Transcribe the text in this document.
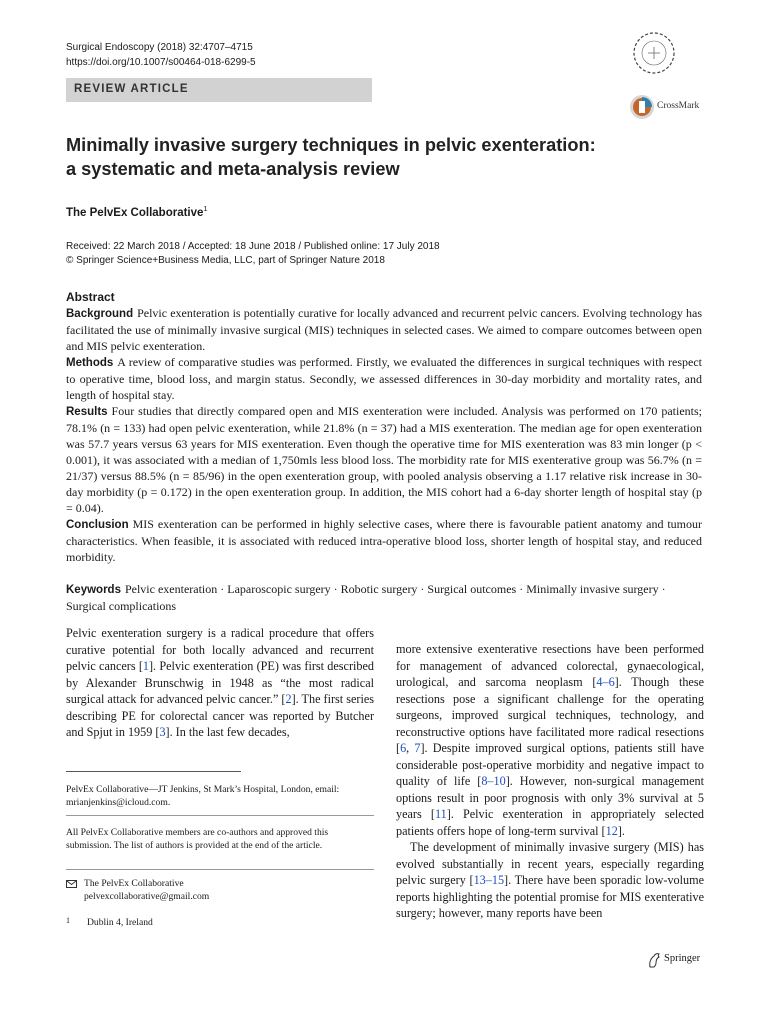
Surgical Endoscopy (2018) 32:4707–4715
https://doi.org/10.1007/s00464-018-6299-5
REVIEW ARTICLE
CrossMark
Minimally invasive surgery techniques in pelvic exenteration:
a systematic and meta-analysis review
The PelvEx Collaborative$^1$
Received: 22 March 2018 / Accepted: 18 June 2018 / Published online: 17 July 2018
© Springer Science+Business Media, LLC, part of Springer Nature 2018
Abstract

Background Pelvic exenteration is potentially curative for locally advanced and recurrent pelvic cancers. Evolving technology has facilitated the use of minimally invasive surgical (MIS) techniques in selected cases. We aimed to compare outcomes between open and MIS pelvic exenteration.

Methods A review of comparative studies was performed. Firstly, we evaluated the differences in surgical techniques with respect to operative time, blood loss, and margin status. Secondly, we assessed differences in 30-day morbidity and mortality rates, and length of hospital stay.

Results Four studies that directly compared open and MIS exenteration were included. Analysis was performed on 170 patients; 78.1% (n = 133) had open pelvic exenteration, while 21.8% (n = 37) had a MIS exenteration. The median age for open exenteration was 57.7 years versus 63 years for MIS exenteration. Even though the operative time for MIS exenteration was 83 min longer (p < 0.001), it was associated with a median of 1,750mls less blood loss. The morbidity rate for MIS exenterative group was 56.7% (n = 21/37) versus 88.5% (n = 85/96) in the open exenteration group, with pooled analysis observing a 1.17 relative risk increase in 30-day morbidity (p = 0.172) in the open exenteration group. In addition, the MIS cohort had a 6-day shorter length of hospital stay (p = 0.04).

Conclusion MIS exenteration can be performed in highly selective cases, where there is favourable patient anatomy and tumour characteristics. When feasible, it is associated with reduced intra-operative blood loss, shorter length of hospital stay, and reduced morbidity.

Keywords Pelvic exenteration · Laparoscopic surgery · Robotic surgery · Surgical outcomes · Minimally invasive surgery · Surgical complications

Pelvic exenteration surgery is a radical procedure that offers curative potential for both locally advanced and recurrent pelvic cancers [1]. Pelvic exenteration (PE) was first described by Alexander Brunschwig in 1948 as “the most radical surgical attack for advanced pelvic cancer.” [2]. The first series describing PE for colorectal cancer was reported by Butcher and Spjut in 1959 [3]. In the last few decades,

more extensive exenterative resections have been performed for management of advanced colorectal, gynaecological, urological, and sarcoma neoplasm [4–6]. Though these resections pose a significant challenge for the operating surgeons, improved surgical techniques, technology, and reconstructive options have facilitated more radical resections [6, 7]. Despite improved surgical options, patients still have considerable post-operative morbidity and negative impact to quality of life [8–10]. However, non-surgical management options result in poor prognosis with only 3% survival at 5 years [11]. Pelvic exenteration in appropriately selected patients offers hope of long-term survival [12].

The development of minimally invasive surgery (MIS) has evolved substantially in recent years, especially regarding pelvic surgery [13–15]. There have been sporadic low-volume reports highlighting the potential promise for MIS exenterative surgery; however, many reports have been

PelvEx Collaborative—JT Jenkins, St Mark’s Hospital, London, email: mrianjenkins@icloud.com.
All PelvEx Collaborative members are co-authors and approved this submission. The list of authors is provided at the end of the article.
The PelvEx Collaborative
pelvexcollaborative@gmail.com
1 Dublin 4, Ireland
Springer
